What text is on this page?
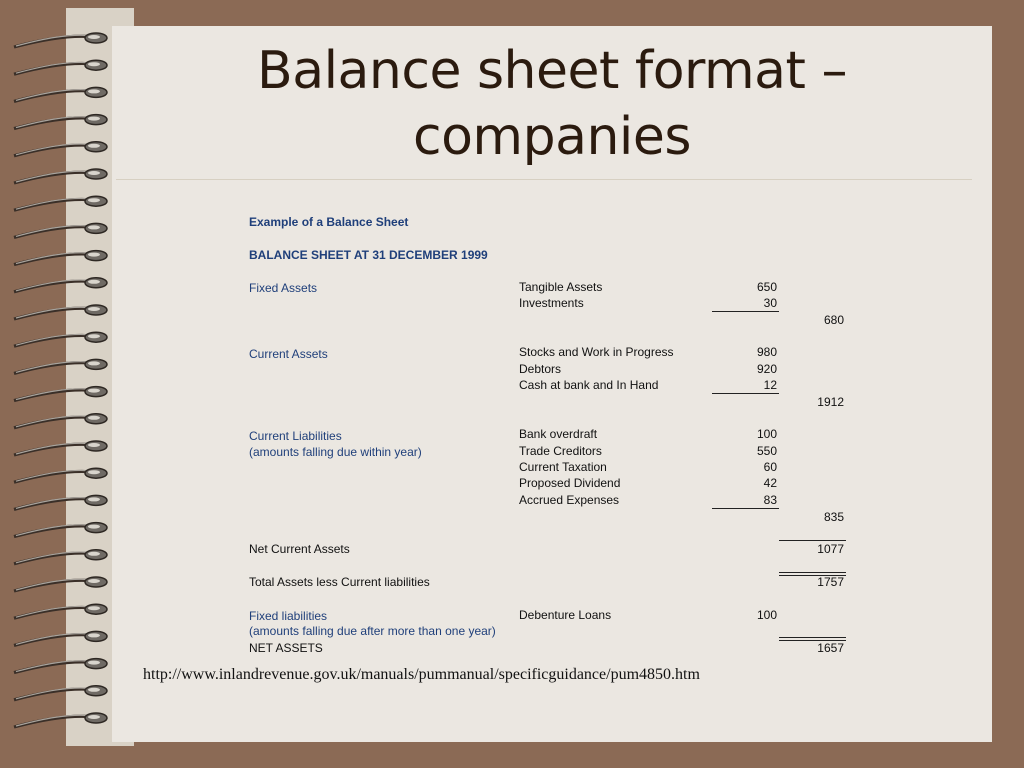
Balance sheet format –
companies
Example of a Balance Sheet
BALANCE SHEET AT 31 DECEMBER 1999
Fixed Assets	Tangible Assets	650
Investments	30
680
Current Assets	Stocks and Work in Progress	980
Debtors	920
Cash at bank and In Hand	12
1912
Current Liabilities
(amounts falling due within year)
Bank overdraft	100
Trade Creditors	550
Current Taxation	60
Proposed Dividend	42
Accrued Expenses	83
835
Net Current Assets	1077
Total Assets less Current liabilities	1757
Fixed liabilities
(amounts falling due after more than one year)
Debenture Loans	100
NET ASSETS	1657
http://www.inlandrevenue.gov.uk/manuals/pummanual/specificguidance/pum4850.htm
